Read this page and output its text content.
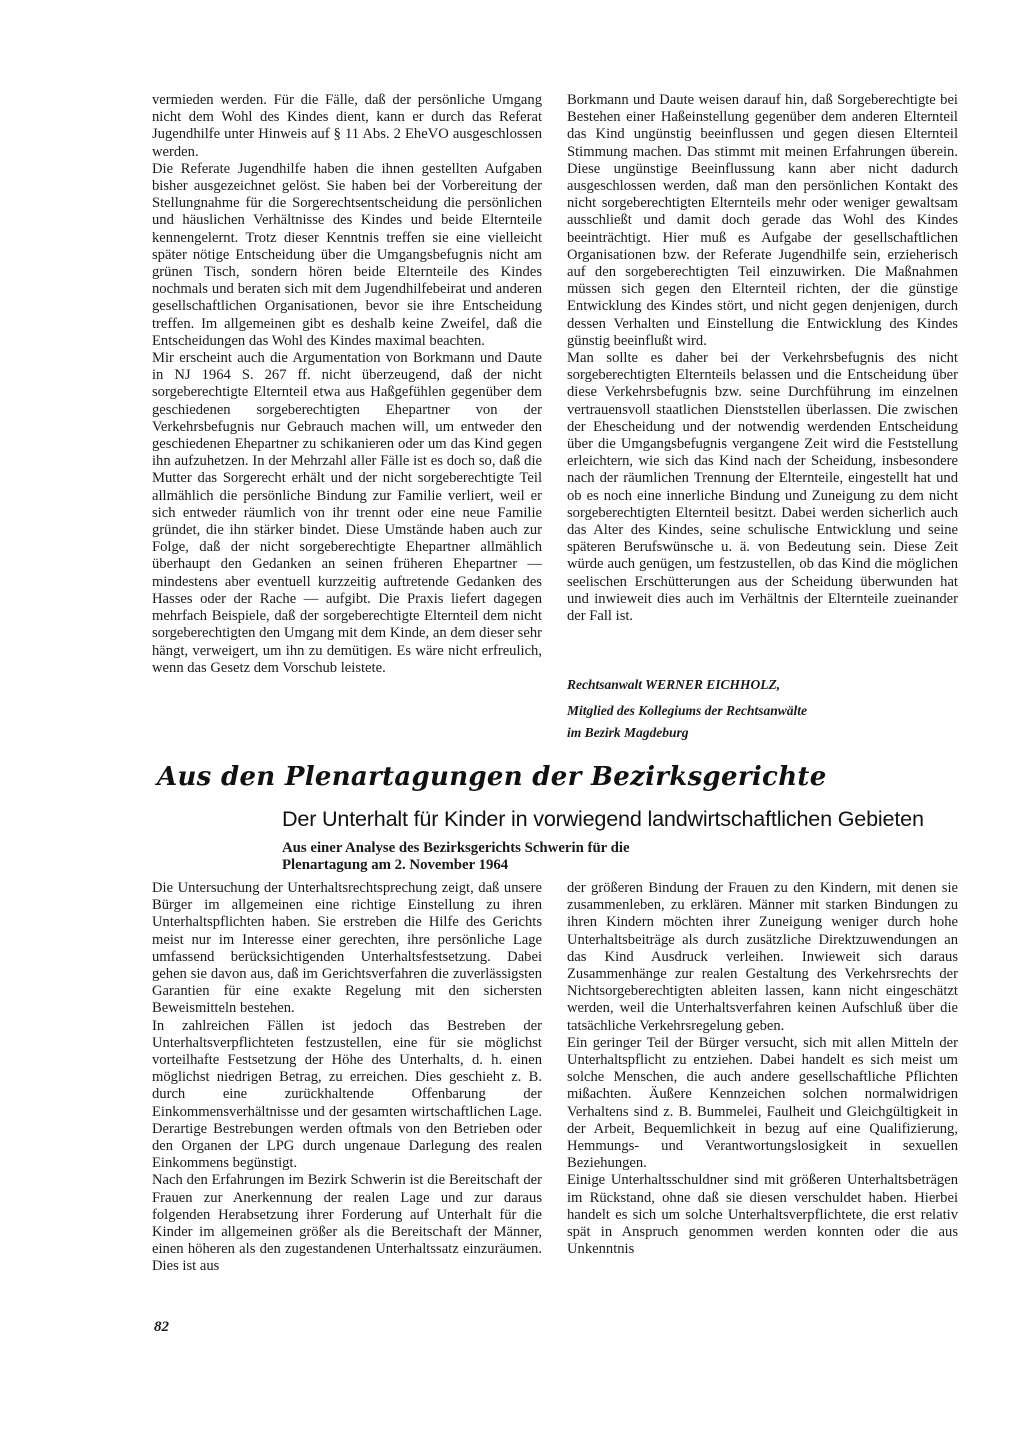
vermieden werden. Für die Fälle, daß der persönliche Umgang nicht dem Wohl des Kindes dient, kann er durch das Referat Jugendhilfe unter Hinweis auf § 11 Abs. 2 EheVO ausgeschlossen werden.

Die Referate Jugendhilfe haben die ihnen gestellten Aufgaben bisher ausgezeichnet gelöst. Sie haben bei der Vorbereitung der Stellungnahme für die Sorgerechtsentscheidung die persönlichen und häuslichen Verhältnisse des Kindes und beide Elternteile kennengelernt. Trotz dieser Kenntnis treffen sie eine vielleicht später nötige Entscheidung über die Umgangsbefugnis nicht am grünen Tisch, sondern hören beide Elternteile des Kindes nochmals und beraten sich mit dem Jugendhilfebeirat und anderen gesellschaftlichen Organisationen, bevor sie ihre Entscheidung treffen. Im allgemeinen gibt es deshalb keine Zweifel, daß die Entscheidungen das Wohl des Kindes maximal beachten.

Mir erscheint auch die Argumentation von Borkmann und Daute in NJ 1964 S. 267 ff. nicht überzeugend, daß der nicht sorgeberechtigte Elternteil etwa aus Haßgefühlen gegenüber dem geschiedenen sorgeberechtigten Ehepartner von der Verkehrsbefugnis nur Gebrauch machen will, um entweder den geschiedenen Ehepartner zu schikanieren oder um das Kind gegen ihn aufzuhetzen. In der Mehrzahl aller Fälle ist es doch so, daß die Mutter das Sorgerecht erhält und der nicht sorgeberechtigte Teil allmählich die persönliche Bindung zur Familie verliert, weil er sich entweder räumlich von ihr trennt oder eine neue Familie gründet, die ihn stärker bindet. Diese Umstände haben auch zur Folge, daß der nicht sorgeberechtigte Ehepartner allmählich überhaupt den Gedanken an seinen früheren Ehepartner — mindestens aber eventuell kurzzeitig auftretende Gedanken des Hasses oder der Rache — aufgibt. Die Praxis liefert dagegen mehrfach Beispiele, daß der sorgeberechtigte Elternteil dem nicht sorgeberechtigten den Umgang mit dem Kinde, an dem dieser sehr hängt, verweigert, um ihn zu demütigen. Es wäre nicht erfreulich, wenn das Gesetz dem Vorschub leistete.

Borkmann und Daute weisen darauf hin, daß Sorgeberechtigte bei Bestehen einer Haßeinstellung gegenüber dem anderen Elternteil das Kind ungünstig beeinflussen und gegen diesen Elternteil Stimmung machen. Das stimmt mit meinen Erfahrungen überein. Diese ungünstige Beeinflussung kann aber nicht dadurch ausgeschlossen werden, daß man den persönlichen Kontakt des nicht sorgeberechtigten Elternteils mehr oder weniger gewaltsam ausschließt und damit doch gerade das Wohl des Kindes beeinträchtigt. Hier muß es Aufgabe der gesellschaftlichen Organisationen bzw. der Referate Jugendhilfe sein, erzieherisch auf den sorgeberechtigten Teil einzuwirken. Die Maßnahmen müssen sich gegen den Elternteil richten, der die günstige Entwicklung des Kindes stört, und nicht gegen denjenigen, durch dessen Verhalten und Einstellung die Entwicklung des Kindes günstig beeinflußt wird.

Man sollte es daher bei der Verkehrsbefugnis des nicht sorgeberechtigten Elternteils belassen und die Entscheidung über diese Verkehrsbefugnis bzw. seine Durchführung im einzelnen vertrauensvoll staatlichen Dienststellen überlassen. Die zwischen der Ehescheidung und der notwendig werdenden Entscheidung über die Umgangsbefugnis vergangene Zeit wird die Feststellung erleichtern, wie sich das Kind nach der Scheidung, insbesondere nach der räumlichen Trennung der Elternteile, eingestellt hat und ob es noch eine innerliche Bindung und Zuneigung zu dem nicht sorgeberechtigten Elternteil besitzt. Dabei werden sicherlich auch das Alter des Kindes, seine schulische Entwicklung und seine späteren Berufswünsche u. ä. von Bedeutung sein. Diese Zeit würde auch genügen, um festzustellen, ob das Kind die möglichen seelischen Erschütterungen aus der Scheidung überwunden hat und inwieweit dies auch im Verhältnis der Elternteile zueinander der Fall ist.

Rechtsanwalt WERNER EICHHOLZ,
Mitglied des Kollegiums der Rechtsanwälte
im Bezirk Magdeburg
Aus den Plenartagungen der Bezirksgerichte
Der Unterhalt für Kinder in vorwiegend landwirtschaftlichen Gebieten
Aus einer Analyse des Bezirksgerichts Schwerin für die Plenartagung am 2. November 1964

Die Untersuchung der Unterhaltsrechtsprechung zeigt, daß unsere Bürger im allgemeinen eine richtige Einstellung zu ihren Unterhaltspflichten haben. Sie erstreben die Hilfe des Gerichts meist nur im Interesse einer gerechten, ihre persönliche Lage umfassend berücksichtigenden Unterhaltsfestsetzung. Dabei gehen sie davon aus, daß im Gerichtsverfahren die zuverlässigsten Garantien für eine exakte Regelung mit den sichersten Beweismitteln bestehen.

In zahlreichen Fällen ist jedoch das Bestreben der Unterhaltsverpflichteten festzustellen, eine für sie möglichst vorteilhafte Festsetzung der Höhe des Unterhalts, d. h. einen möglichst niedrigen Betrag, zu erreichen. Dies geschieht z. B. durch eine zurückhaltende Offenbarung der Einkommensverhältnisse und der gesamten wirtschaftlichen Lage. Derartige Bestrebungen werden oftmals von den Betrieben oder den Organen der LPG durch ungenaue Darlegung des realen Einkommens begünstigt.

Nach den Erfahrungen im Bezirk Schwerin ist die Bereitschaft der Frauen zur Anerkennung der realen Lage und zur daraus folgenden Herabsetzung ihrer Forderung auf Unterhalt für die Kinder im allgemeinen größer als die Bereitschaft der Männer, einen höheren als den zugestandenen Unterhaltssatz einzuräumen. Dies ist aus

der größeren Bindung der Frauen zu den Kindern, mit denen sie zusammenleben, zu erklären. Männer mit starken Bindungen zu ihren Kindern möchten ihrer Zuneigung weniger durch hohe Unterhaltsbeiträge als durch zusätzliche Direktzuwendungen an das Kind Ausdruck verleihen. Inwieweit sich daraus Zusammenhänge zur realen Gestaltung des Verkehrsrechts der Nichtsorgeberechtigten ableiten lassen, kann nicht eingeschätzt werden, weil die Unterhaltsverfahren keinen Aufschluß über die tatsächliche Verkehrsregelung geben.

Ein geringer Teil der Bürger versucht, sich mit allen Mitteln der Unterhaltspflicht zu entziehen. Dabei handelt es sich meist um solche Menschen, die auch andere gesellschaftliche Pflichten mißachten. Äußere Kennzeichen solchen normalwidrigen Verhaltens sind z. B. Bummelei, Faulheit und Gleichgültigkeit in der Arbeit, Bequemlichkeit in bezug auf eine Qualifizierung, Hemmungs- und Verantwortungslosigkeit in sexuellen Beziehungen.

Einige Unterhaltsschuldner sind mit größeren Unterhaltsbeträgen im Rückstand, ohne daß sie diesen verschuldet haben. Hierbei handelt es sich um solche Unterhaltsverpflichtete, die erst relativ spät in Anspruch genommen werden konnten oder die aus Unkenntnis

82
